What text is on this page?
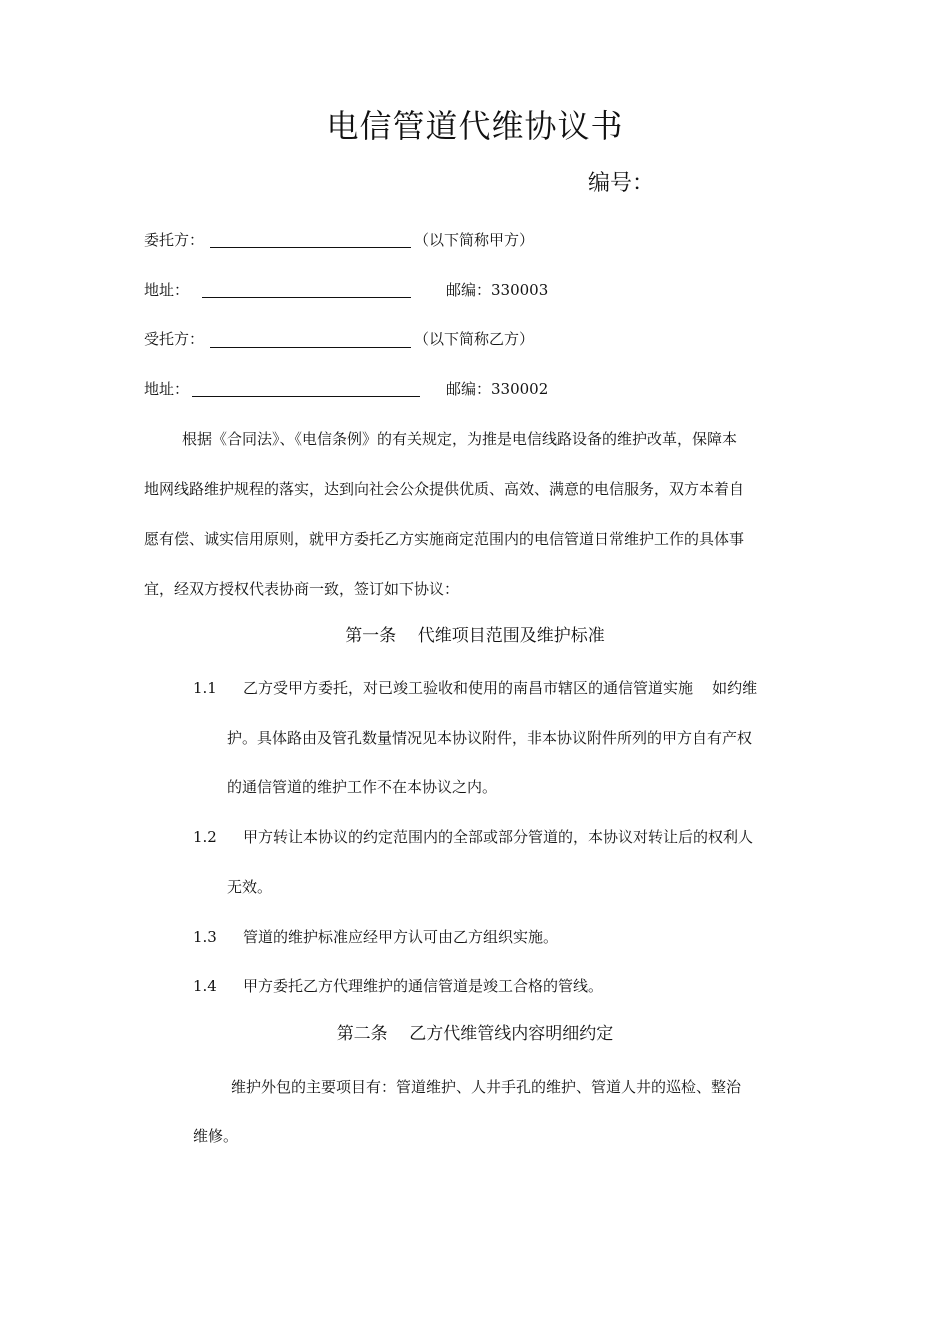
电信管道代维协议书
编号：
委托方：	（以下简称甲方）
地址：	邮编：330003
受托方：	（以下简称乙方）
地址：	邮编：330002
根据《合同法》、《电信条例》的有关规定，为推是电信线路设备的维护改革，保障本
地网线路维护规程的落实，达到向社会公众提供优质、高效、满意的电信服务，双方本着自
愿有偿、诚实信用原则，就甲方委托乙方实施商定范围内的电信管道日常维护工作的具体事
宜，经双方授权代表协商一致，签订如下协议：
第一条    代维项目范围及维护标准
1.1 乙方受甲方委托，对已竣工验收和使用的南昌市辖区的通信管道实施    如约维
护。具体路由及管孔数量情况见本协议附件，非本协议附件所列的甲方自有产权
的通信管道的维护工作不在本协议之内。
1.2 甲方转让本协议的约定范围内的全部或部分管道的，本协议对转让后的权利人
无效。
1.3 管道的维护标准应经甲方认可由乙方组织实施。
1.4 甲方委托乙方代理维护的通信管道是竣工合格的管线。
第二条    乙方代维管线内容明细约定
维护外包的主要项目有：管道维护、人井手孔的维护、管道人井的巡检、整治
维修。
